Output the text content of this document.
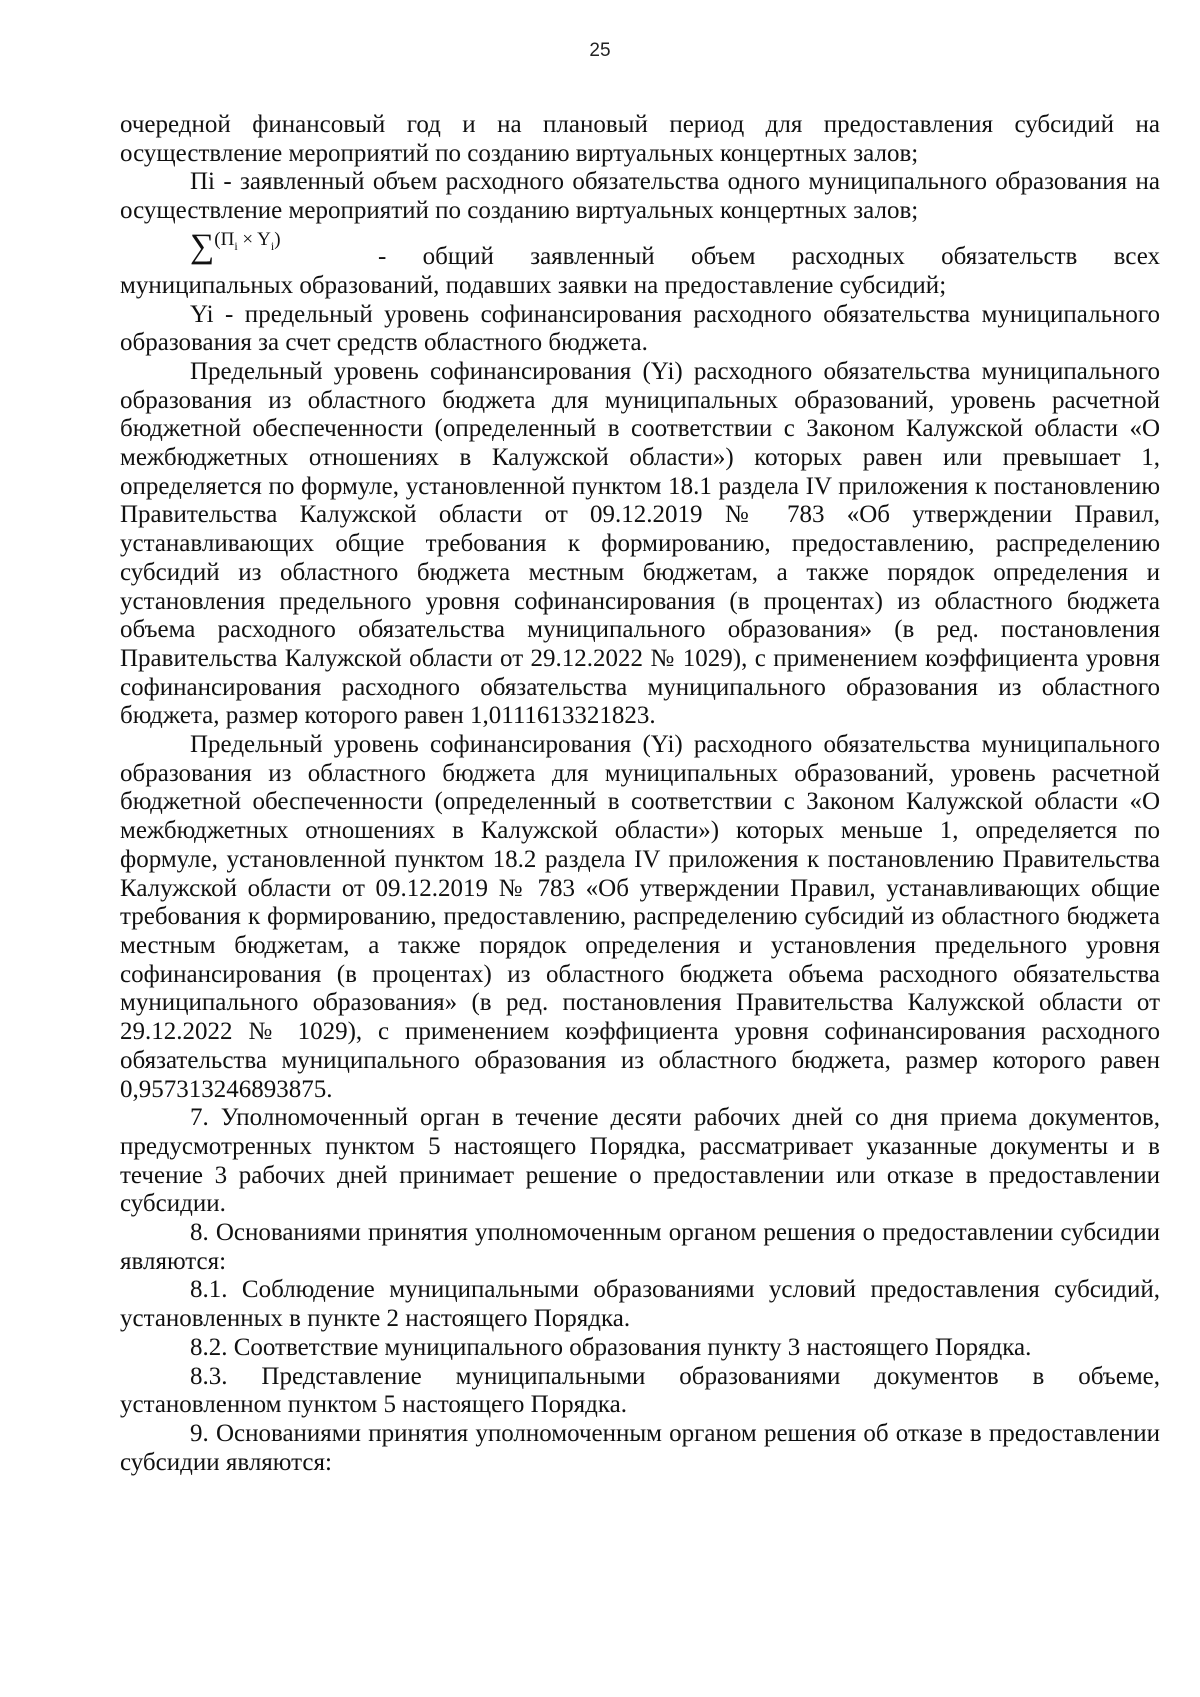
25

очередной финансовый год и на плановый период для предоставления субсидий на осуществление мероприятий по созданию виртуальных концертных залов;

Пi - заявленный объем расходного обязательства одного муниципального образования на осуществление мероприятий по созданию виртуальных концертных залов;

∑$^{(П_i \times Y_i)}$
- общий заявленный объем расходных обязательств всех

муниципальных образований, подавших заявки на предоставление субсидий;

Yi - предельный уровень софинансирования расходного обязательства муниципального образования за счет средств областного бюджета.

Предельный уровень софинансирования (Yi) расходного обязательства муниципального образования из областного бюджета для муниципальных образований, уровень расчетной бюджетной обеспеченности (определенный в соответствии с Законом Калужской области «О межбюджетных отношениях в Калужской области») которых равен или превышает 1, определяется по формуле, установленной пунктом 18.1 раздела IV приложения к постановлению Правительства Калужской области от 09.12.2019 № 783 «Об утверждении Правил, устанавливающих общие требования к формированию, предоставлению, распределению субсидий из областного бюджета местным бюджетам, а также порядок определения и установления предельного уровня софинансирования (в процентах) из областного бюджета объема расходного обязательства муниципального образования» (в ред. постановления Правительства Калужской области от 29.12.2022 № 1029), с применением коэффициента уровня софинансирования расходного обязательства муниципального образования из областного бюджета, размер которого равен 1,0111613321823.

Предельный уровень софинансирования (Yi) расходного обязательства муниципального образования из областного бюджета для муниципальных образований, уровень расчетной бюджетной обеспеченности (определенный в соответствии с Законом Калужской области «О межбюджетных отношениях в Калужской области») которых меньше 1, определяется по формуле, установленной пунктом 18.2 раздела IV приложения к постановлению Правительства Калужской области от 09.12.2019 № 783 «Об утверждении Правил, устанавливающих общие требования к формированию, предоставлению, распределению субсидий из областного бюджета местным бюджетам, а также порядок определения и установления предельного уровня софинансирования (в процентах) из областного бюджета объема расходного обязательства муниципального образования» (в ред. постановления Правительства Калужской области от 29.12.2022 № 1029), с применением коэффициента уровня софинансирования расходного обязательства муниципального образования из областного бюджета, размер которого равен 0,957313246893875.

7. Уполномоченный орган в течение десяти рабочих дней со дня приема документов, предусмотренных пунктом 5 настоящего Порядка, рассматривает указанные документы и в течение 3 рабочих дней принимает решение о предоставлении или отказе в предоставлении субсидии.

8. Основаниями принятия уполномоченным органом решения о предоставлении субсидии являются:

8.1. Соблюдение муниципальными образованиями условий предоставления субсидий, установленных в пункте 2 настоящего Порядка.

8.2. Соответствие муниципального образования пункту 3 настоящего Порядка.

8.3. Представление муниципальными образованиями документов в объеме, установленном пунктом 5 настоящего Порядка.

9. Основаниями принятия уполномоченным органом решения об отказе в предоставлении субсидии являются:
